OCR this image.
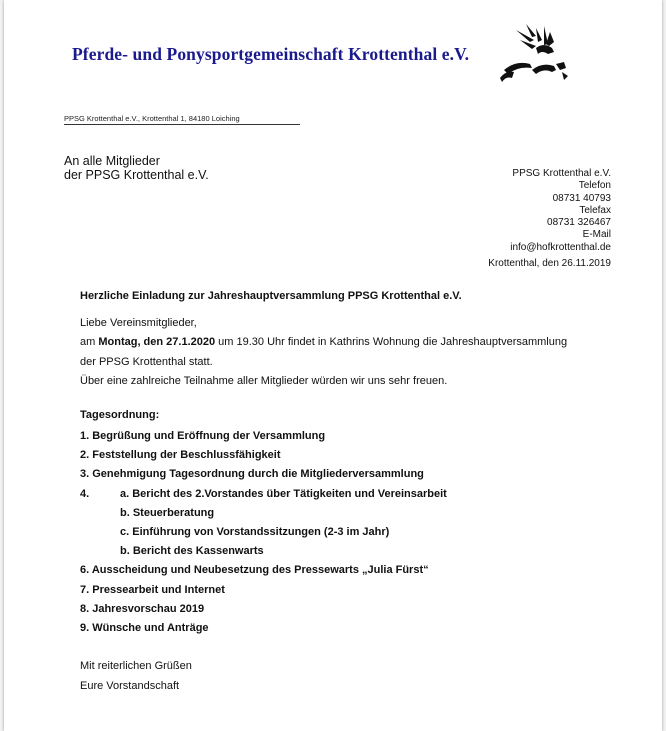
Pferde- und Ponysportgemeinschaft Krottenthal e.V.
PPSG Krottenthal e.V., Krottenthal 1, 84180 Loiching
An alle Mitglieder
der PPSG Krottenthal e.V.	PPSG Krottenthal e.V.
Telefon
08731 40793
Telefax
08731 326467
E-Mail
info@hofkrottenthal.de
Krottenthal, den 26.11.2019
Herzliche Einladung zur Jahreshauptversammlung PPSG Krottenthal e.V.
Liebe Vereinsmitglieder,
am Montag, den 27.1.2020 um 19.30 Uhr findet in Kathrins Wohnung die Jahreshauptversammlung
der PPSG Krottenthal statt.
Über eine zahlreiche Teilnahme aller Mitglieder würden wir uns sehr freuen.
Tagesordnung:
1. Begrüßung und Eröffnung der Versammlung
2. Feststellung der Beschlussfähigkeit
3. Genehmigung Tagesordnung durch die Mitgliederversammlung
4.	a. Bericht des 2.Vorstandes über Tätigkeiten und Vereinsarbeit
b. Steuerberatung
c. Einführung von Vorstandssitzungen (2-3 im Jahr)
b. Bericht des Kassenwarts
6. Ausscheidung und Neubesetzung des Pressewarts „Julia Fürst“
7. Pressearbeit und Internet
8. Jahresvorschau 2019
9. Wünsche und Anträge
Mit reiterlichen Grüßen
Eure Vorstandschaft
